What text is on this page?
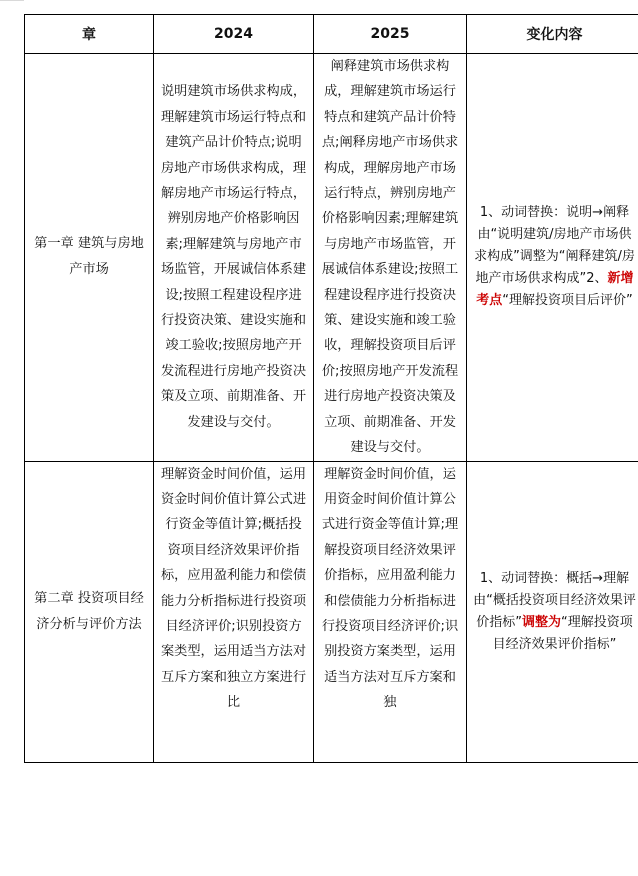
章	2024	2025	变化内容
第一章 建筑与房地产市场	说明建筑市场供求构成，理解建筑市场运行特点和建筑产品计价特点;说明房地产市场供求构成，理解房地产市场运行特点，辨别房地产价格影响因素;理解建筑与房地产市场监管，开展诚信体系建设;按照工程建设程序进行投资决策、建设实施和竣工验收;按照房地产开发流程进行房地产投资决策及立项、前期准备、开发建设与交付。	阐释建筑市场供求构成，理解建筑市场运行特点和建筑产品计价特点;阐释房地产市场供求构成，理解房地产市场运行特点，辨别房地产价格影响因素;理解建筑与房地产市场监管，开展诚信体系建设;按照工程建设程序进行投资决策、建设实施和竣工验收，理解投资项目后评价;按照房地产开发流程进行房地产投资决策及立项、前期准备、开发建设与交付。	1、动词替换：说明→阐释由“说明建筑/房地产市场供求构成”调整为“阐释建筑/房地产市场供求构成”2、新增考点“理解投资项目后评价”

第二章 投资项目经济分析与评价方法	理解资金时间价值，运用资金时间价值计算公式进行资金等值计算;概括投资项目经济效果评价指标，应用盈利能力和偿债能力分析指标进行投资项目经济评价;识别投资方案类型，运用适当方法对互斥方案和独立方案进行比	理解资金时间价值，运用资金时间价值计算公式进行资金等值计算;理解投资项目经济效果评价指标，应用盈利能力和偿债能力分析指标进行投资项目经济评价;识别投资方案类型，运用适当方法对互斥方案和独	1、动词替换：概括→理解由“概括投资项目经济效果评价指标”调整为“理解投资项目经济效果评价指标”
